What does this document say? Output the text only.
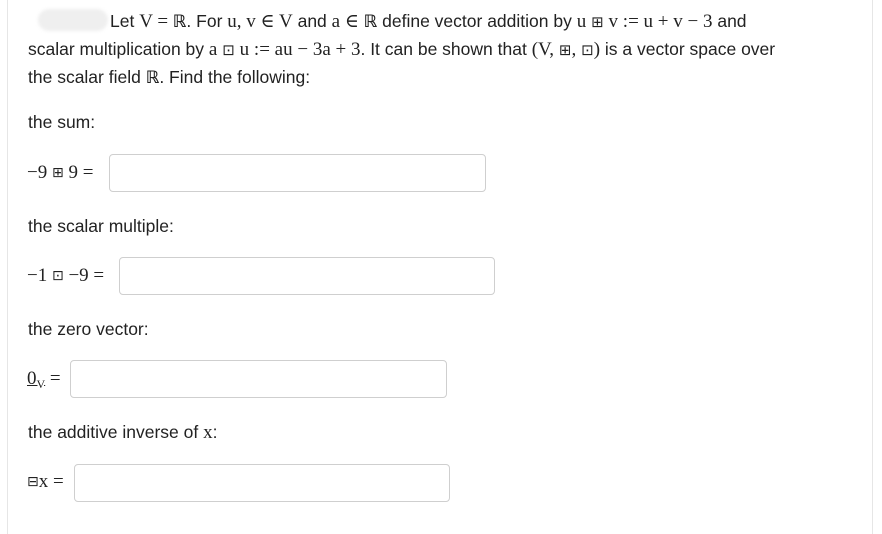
Let V = ℝ. For u, v ∈ V and a ∈ ℝ define vector addition by u ⊞ v := u + v − 3 and
scalar multiplication by a ⊡ u := au − 3a + 3. It can be shown that (V, ⊞, ⊡) is a vector space over
the scalar field ℝ. Find the following:
the sum:
−9 ⊞ 9 =
the scalar multiple:
−1 ⊡ −9 =
the zero vector:
$0_V$ =
the additive inverse of x:
⊟x =
